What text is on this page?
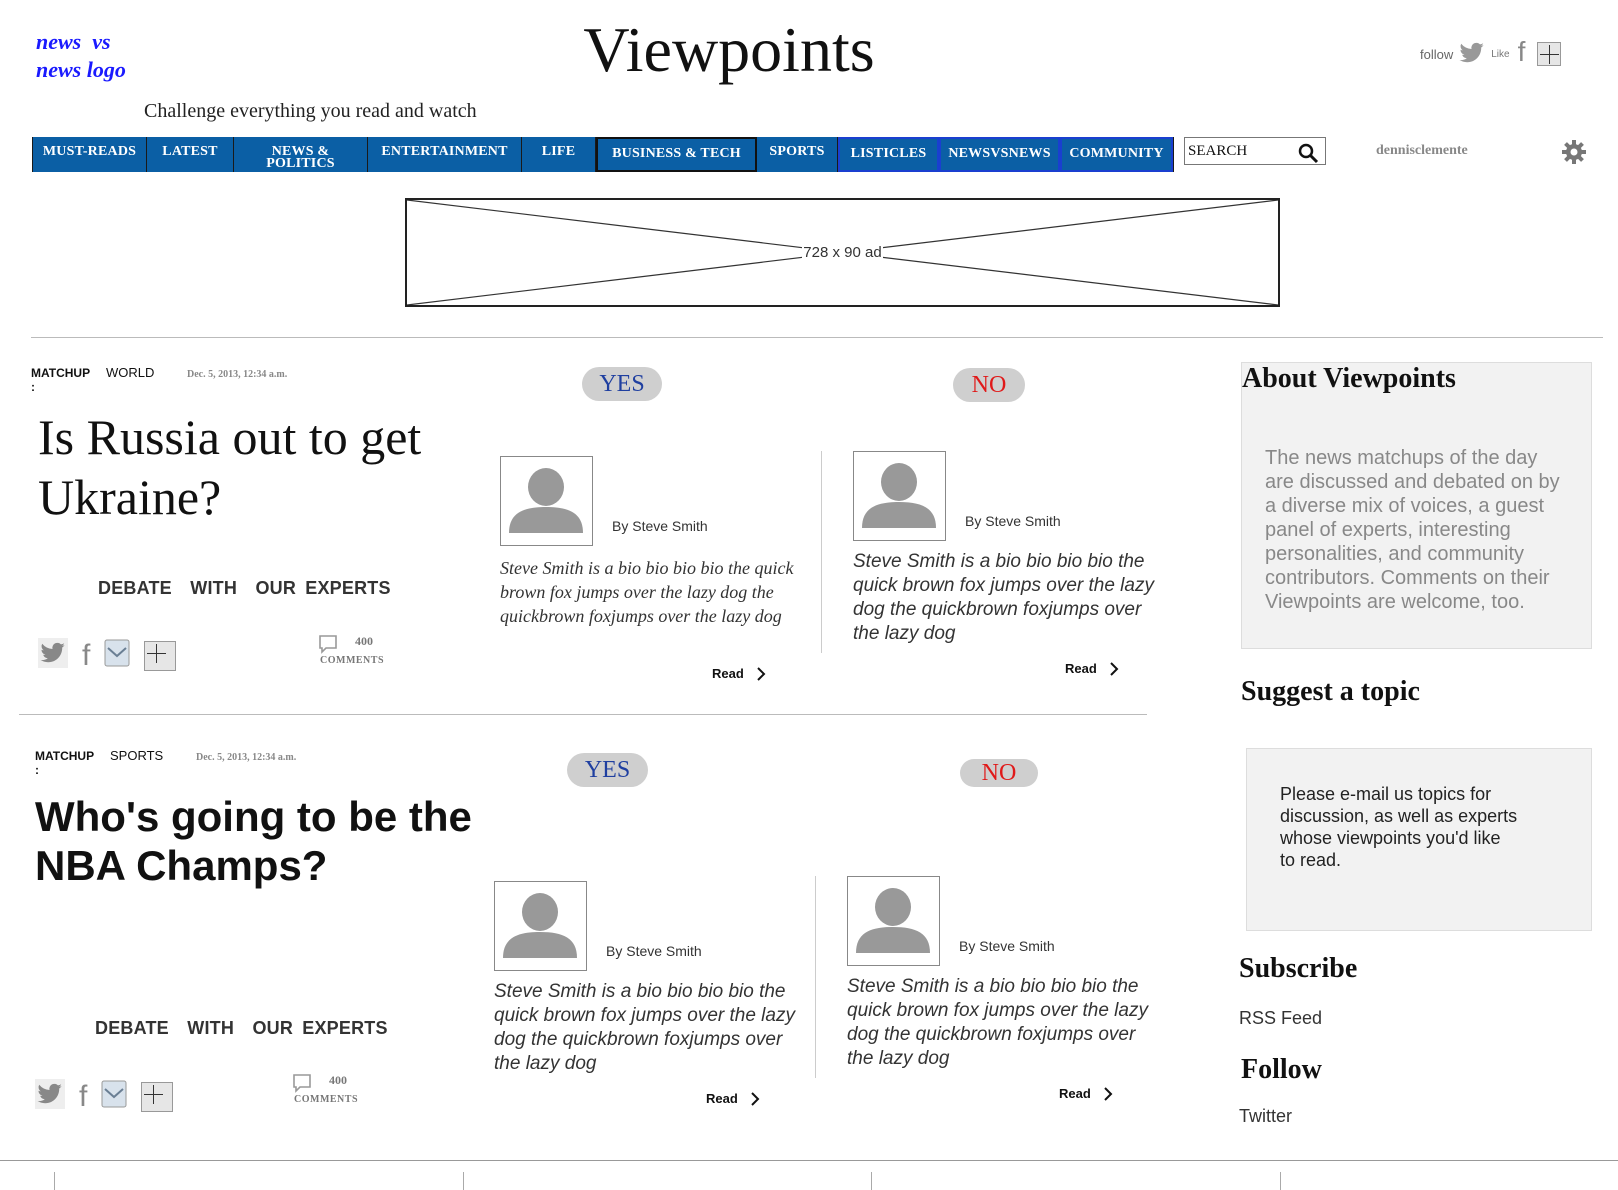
news  vs
news logo	Viewpoints
Challenge everything you read and watch
follow	Like f
MUST-READS	LATEST	NEWS & POLITICS
ENTERTAINMENT	LIFE	BUSINESS & TECH	SPORTS	LISTICLES	NEWSVSNEWS	COMMUNITY
SEARCH	dennisclemente
728 x 90 ad
MATCHUP
:
WORLD	Dec. 5, 2013, 12:34 a.m.
Is Russia out to get Ukraine?
DEBATE  WITH  OUR EXPERTS
f	400
COMMENTS
YES	NO
By Steve Smith
Steve Smith is a bio bio bio bio the quick brown fox jumps over the lazy dog the quickbrown foxjumps over the lazy dog
Read
By Steve Smith
Steve Smith is a bio bio bio bio the quick brown fox jumps over the lazy dog the quickbrown foxjumps over the lazy dog
Read
MATCHUP
:
SPORTS	Dec. 5, 2013, 12:34 a.m.
Who's going to be the NBA Champs?
DEBATE  WITH  OUR EXPERTS
f	400
COMMENTS
YES	NO
By Steve Smith
Steve Smith is a bio bio bio bio the quick brown fox jumps over the lazy dog the quickbrown foxjumps over the lazy dog
Read
By Steve Smith
Steve Smith is a bio bio bio bio the quick brown fox jumps over the lazy dog the quickbrown foxjumps over the lazy dog
Read
About Viewpoints
The news matchups of the day are discussed and debated on by a diverse mix of voices, a guest panel of experts, interesting personalities, and community contributors. Comments on their Viewpoints are welcome, too.
Suggest a topic
Please e-mail us topics for discussion, as well as experts whose viewpoints you'd like to read.
Subscribe
RSS Feed
Follow
Twitter
